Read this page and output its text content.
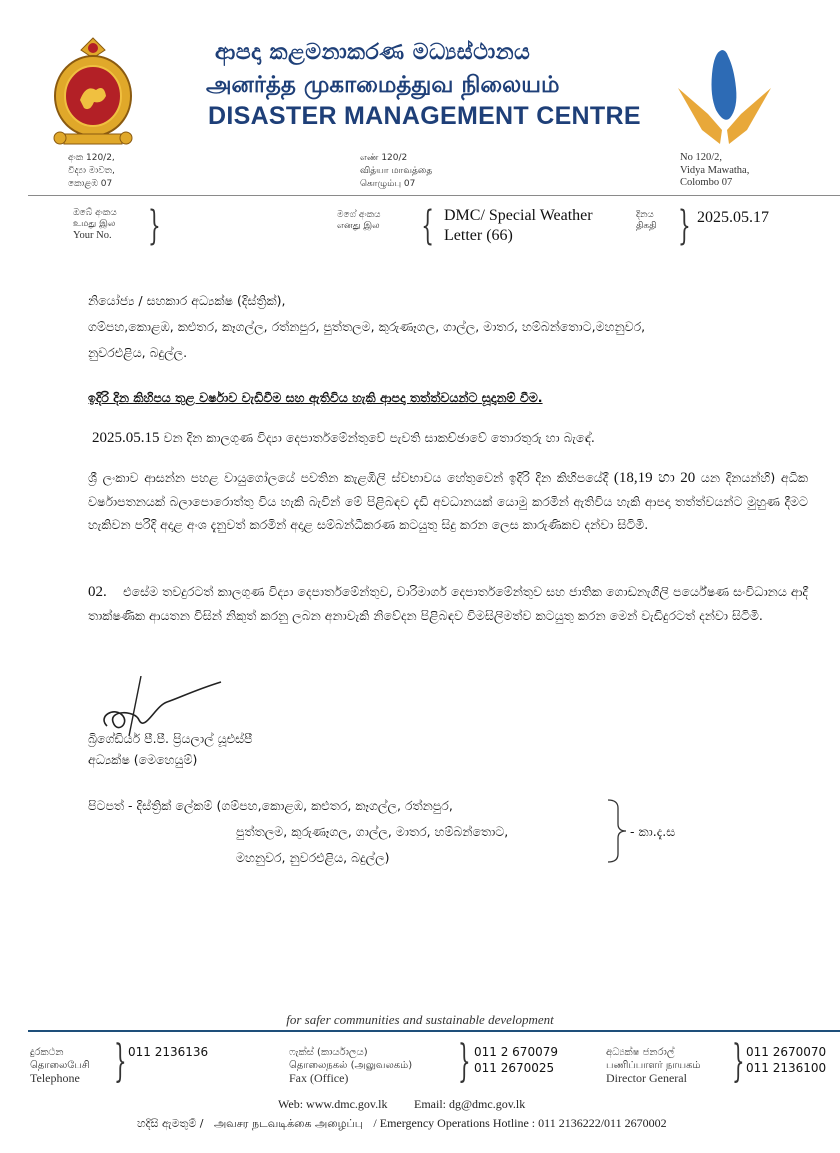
ආපදා කළමනාකරණ මධ්‍යස්ථානය
அனர்த்த முகாமைத்துவ நிலையம்
DISASTER MANAGEMENT CENTRE
අංක 120/2,
විද්‍යා මාවත,
කොළඹ 07
எண் 120/2
வித்யா மாவத்தை
கொழும்பு 07
No 120/2,
Vidya Mawatha,
Colombo 07
ඔබේ අංකය
உமது இல
Your No. }	මගේ අංකය
எனது இல } DMC/ Special Weather
Letter (66)
දිනය
திகதி } 2025.05.17
නියෝජ්‍ය / සහකාර අධ්‍යක්ෂ (දිස්ත්‍රික්),
ගම්පහ,කොළඹ, කළුතර, කෑගල්ල, රත්නපුර, පුත්තලම, කුරුණෑගල, ගාල්ල, මාතර, හම්බන්තොට,මහනුවර,
නුවරඑළිය, බදුල්ල.
ඉදිරි දින කිහිපය තුළ වර්ෂාව වැඩිවීම සහ ඇතිවිය හැකි ආපදා තත්ත්වයන්ට සූදානම් වීම.
2025.05.15 වන දින කාලගුණ විද්‍යා දෙපාර්තමේන්තුවේ පැවති සාකච්ඡාවේ තොරතුරු හා බැඳේ.
ශ්‍රී ලංකාව ආසන්න පහළ වායුගෝලයේ පවතින කැළඹිලි ස්වභාවය හේතුවෙන් ඉදිරි දින කිහිපයේදී (18,19 හා 20 යන දිනයන්හි) අධික වර්ෂාපතනයක් බලාපොරොත්තු විය හැකි බැවින් මේ පිළිබඳව දැඩි අවධානයක් යොමු කරමින් ඇතිවිය හැකි ආපදා තත්ත්වයන්ට මුහුණ දීමට හැකිවන පරිදි අදාළ අංශ දැනුවත් කරමින් අදාළ සම්බන්ධීකරණ කටයුතු සිදු කරන ලෙස කාරුණිකව දන්වා සිටිමි.
02. එසේම තවදුරටත් කාලගුණ විද්‍යා දෙපාර්තමේන්තුව, වාරිමාර්ග දෙපාර්තමේන්තුව සහ ජාතික ගොඩනැගිලි පර්යේෂණ සංවිධානය ආදී තාක්ෂණික ආයතන විසින් නිකුත් කරනු ලබන අනාවැකි නිවේදන පිළිබඳව විමසිලිමත්ව කටයුතු කරන මෙන් වැඩිදුරටත් දන්වා සිටිමි.
බ්‍රිගේඩියර් පී.පී. ප්‍රියලාල් යූඑස්පී
අධ්‍යක්ෂ (මෙහෙයුම්)
පිටපත් - දිස්ත්‍රික් ලේකම් (ගම්පහ,කොළඹ, කළුතර, කෑගල්ල, රත්නපුර,
පුත්තලම, කුරුණෑගල, ගාල්ල, මාතර, හම්බන්තොට,
මහනුවර, නුවරඑළිය, බදුල්ල)
- කා.දැ.ස
for safer communities and sustainable development
දුරකථන
தொலைபேசி
Telephone } 011 2136136	ෆැක්ස් (කාර්යාලය)
தொலைநகல் (அலுவலகம்)
Fax (Office)	} 011 2 670079
011 2670025
අධ්‍යක්ෂ ජනරාල්
பணிப்பாளர் நாயகம்
Director General	} 011 2670070
011 2136100
Web: www.dmc.gov.lk Email: dg@dmc.gov.lk
හදිසි ඇමතුම් / அவசர நடவடிக்கை அழைப்பு / Emergency Operations Hotline : 011 2136222/011 2670002
